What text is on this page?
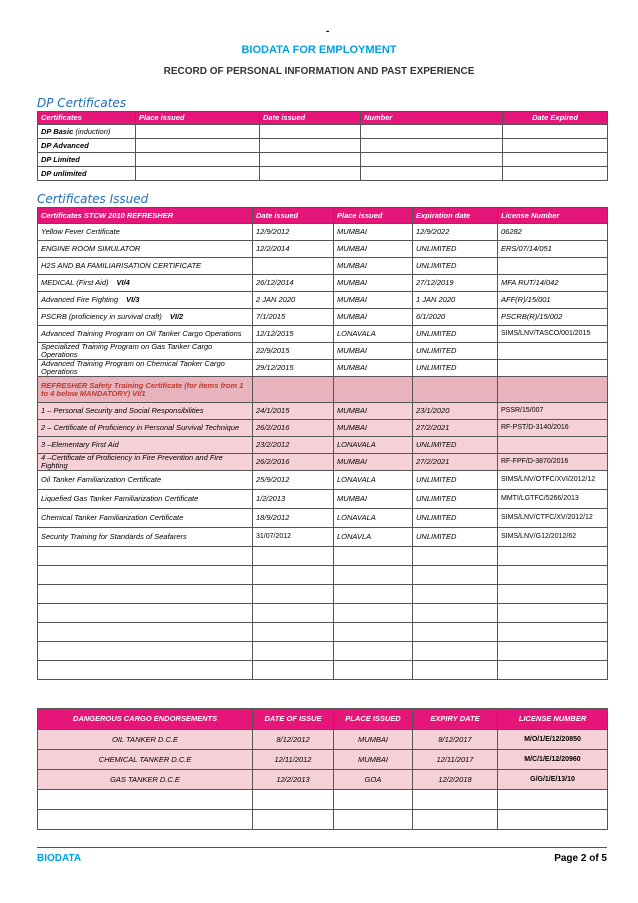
-
BIODATA FOR EMPLOYMENT
RECORD OF PERSONAL INFORMATION AND PAST EXPERIENCE
DP Certificates
Certificates	Place issued	Date issued	Number	Date Expired
DP Basic (induction)				
DP Advanced				
DP Limited				
DP unlimited				
Certificates Issued
Certificates STCW 2010 REFRESHER	Date issued	Place issued	Expiration date	License Number
Yellow Fever Certificate	12/9/2012	MUMBAI	12/9/2022	06282
ENGINE ROOM SIMULATOR	12/2/2014	MUMBAI	UNLIMITED	ERS/07/14/051
H2S AND BA FAMILIARISATION CERTIFICATE		MUMBAI	UNLIMITED	
MEDICAL (First Aid) VI/4	26/12/2014	MUMBAI	27/12/2019	MFA RUT/14/042
Advanced Fire Fighting VI/3	2 JAN 2020	MUMBAI	1 JAN 2020	AFF(R)/15/001
PSCRB (proficiency in survival craft) VI/2	7/1/2015	MUMBAI	6/1/2020	PSCRB(R)/15/002
Advanced Training Program on Oil Tanker Cargo Operations	12/12/2015	LONAVALA	UNLIMITED	SIMS/LNV/TASCO/001/2015
Specialized Training Program on Gas Tanker Cargo Operations	22/9/2015	MUMBAI	UNLIMITED	
Advanced Training Program on Chemical Tanker Cargo Operations	29/12/2015	MUMBAI	UNLIMITED	
REFRESHER Safety Training Certificate (for items from 1 to 4 below MANDATORY) VI/1				
1 – Personal Security and Social Responsibilities	24/1/2015	MUMBAI	23/1/2020	PSSR/15/007
2 – Certificate of Proficiency in Personal Survival Technique	26/2/2016	MUMBAI	27/2/2021	RF-PST/D-3140/2016
3 –Elementary First Aid	23/2/2012	LONAVALA	UNLIMITED	
4 –Certificate of Proficiency in Fire Prevention and Fire Fighting	26/2/2016	MUMBAI	27/2/2021	RF-FPF/D-3870/2016
Oil Tanker Familiarization Certificate	25/9/2012	LONAVALA	UNLIMITED	SIMS/LNV/OTFC/XVI/2012/12
Liquefied Gas Tanker Familiarization Certificate	1/2/2013	MUMBAI	UNLIMITED	MMTI/LGTFC/5266/2013
Chemical Tanker Familiarization Certificate	18/9/2012	LONAVALA	UNLIMITED	SIMS/LNV/CTFC/XV/2012/12
Security Training for Standards of Seafarers	31/07/2012	LONAVLA	UNLIMITED	SIMS/LNV/G12/2012/62

DANGEROUS CARGO ENDORSEMENTS	DATE OF ISSUE	PLACE ISSUED	EXPIRY DATE	LICENSE NUMBER
OIL TANKER D.C.E	8/12/2012	MUMBAI	8/12/2017	M/O/1/E/12/20850
CHEMICAL TANKER D.C.E	12/11/2012	MUMBAI	12/11/2017	M/C/1/E/12/20960
GAS TANKER D.C.E	12/2/2013	GOA	12/2/2018	G/G/1/E/13/10

BIODATA	Page 2 of 5
